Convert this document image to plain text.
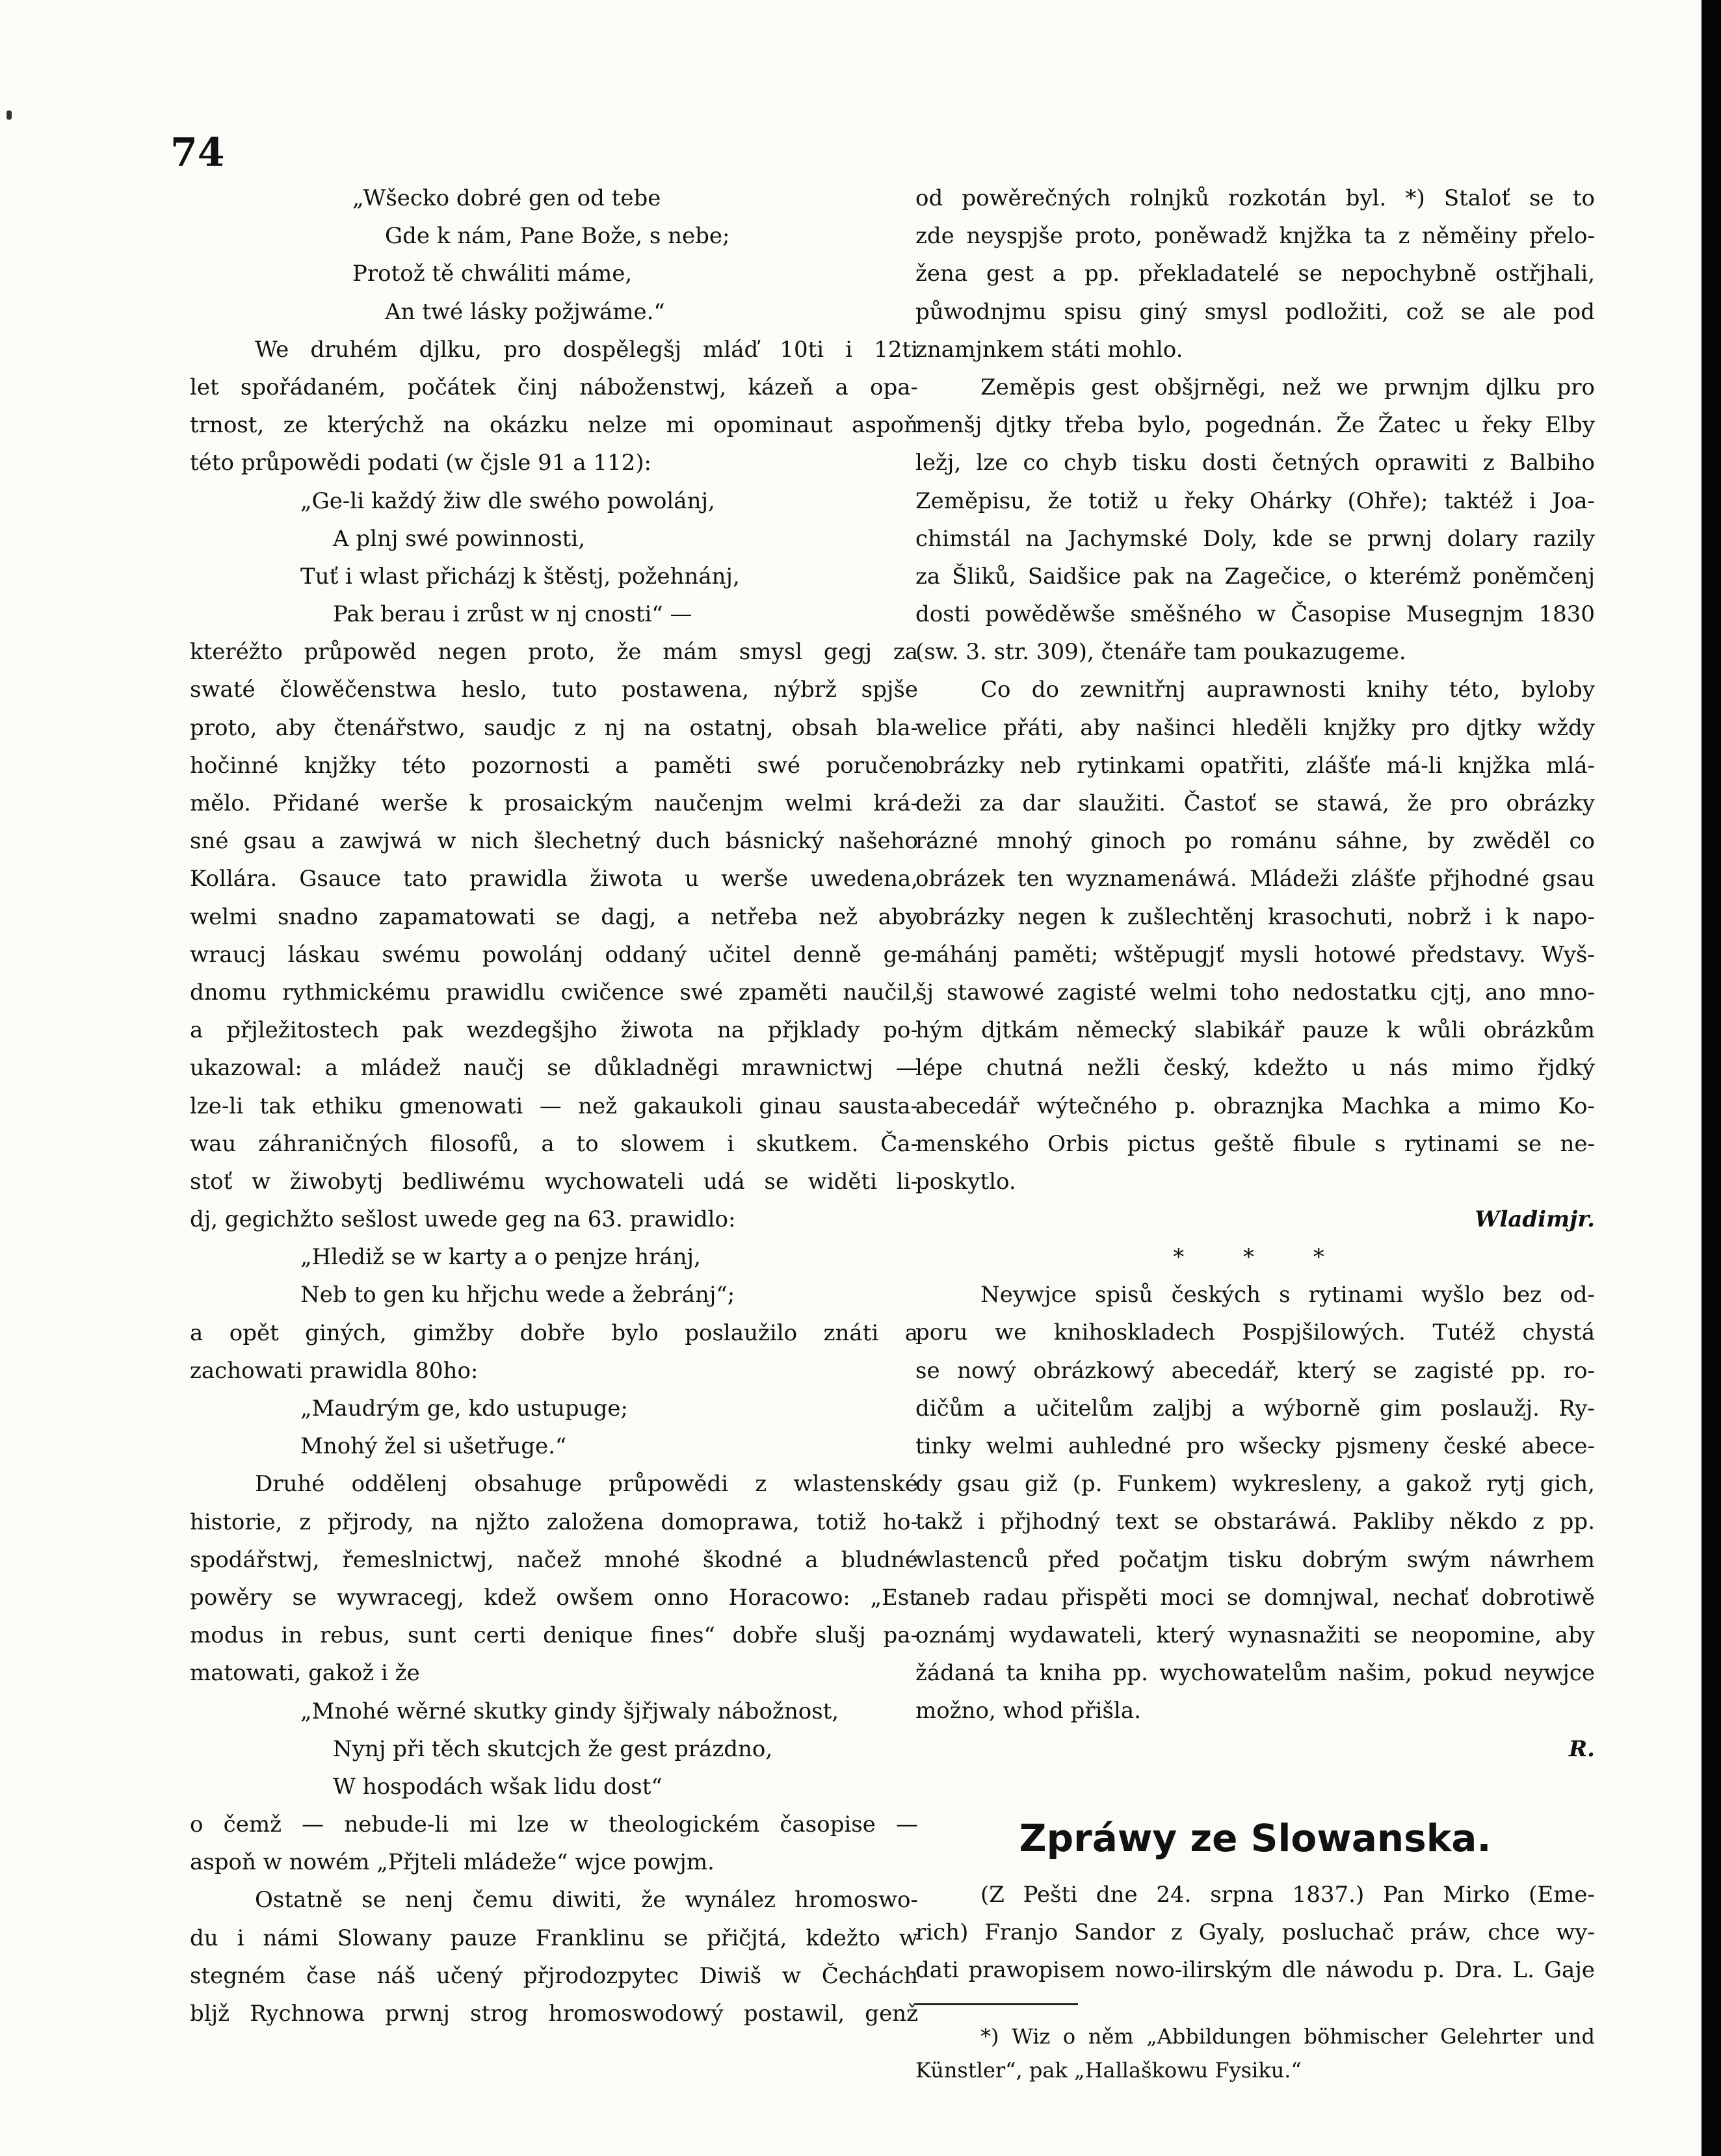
74
„Wšecko dobré gen od tebe
Gde k nám, Pane Bože, s nebe;
Protož tě chwáliti máme,
An twé lásky požjwáme.“
We druhém djlku, pro dospělegšj mláď 10ti i 12ti
let spořádaném, počátek činj náboženstwj, kázeň a opa-
trnost, ze kterýchž na okázku nelze mi opominaut aspoň
této průpowědi podati (w čjsle 91 a 112):
„Ge-li každý žiw dle swého powolánj,
A plnj swé powinnosti,
Tuť i wlast přicházj k štěstj, požehnánj,
Pak berau i zrůst w nj cnosti“ —
kteréžto průpowěd negen proto, že mám smysl gegj za
swaté člowěčenstwa heslo, tuto postawena, nýbrž spjše
proto, aby čtenářstwo, saudjc z nj na ostatnj, obsah bla-
hočinné knjžky této pozornosti a paměti swé poručen
mělo. Přidané werše k prosaickým naučenjm welmi krá-
sné gsau a zawjwá w nich šlechetný duch básnický našeho
Kollára. Gsauce tato prawidla žiwota u werše uwedena,
welmi snadno zapamatowati se dagj, a netřeba než aby
wraucj láskau swému powolánj oddaný učitel denně ge-
dnomu rythmickému prawidlu cwičence swé zpaměti naučil,
a přjležitostech pak wezdegšjho žiwota na přjklady po-
ukazowal: a mládež naučj se důkladněgi mrawnictwj —
lze-li tak ethiku gmenowati — než gakaukoli ginau sausta-
wau záhraničných filosofů, a to slowem i skutkem. Ča-
stoť w žiwobytj bedliwému wychowateli udá se widěti li-
dj, gegichžto sešlost uwede geg na 63. prawidlo:
„Hlediž se w karty a o penjze hránj,
Neb to gen ku hřjchu wede a žebránj“;
a opět giných, gimžby dobře bylo poslaužilo znáti a
zachowati prawidla 80ho:
„Maudrým ge, kdo ustupuge;
Mnohý žel si ušetřuge.“
Druhé oddělenj obsahuge průpowědi z wlastenské
historie, z přjrody, na njžto založena domoprawa, totiž ho-
spodářstwj, řemeslnictwj, načež mnohé škodné a bludné
powěry se wywracegj, kdež owšem onno Horacowo: „Est
modus in rebus, sunt certi denique fines“ dobře slušj pa-
matowati, gakož i že
„Mnohé wěrné skutky gindy šjřjwaly nábožnost,
Nynj při těch skutcjch že gest prázdno,
W hospodách wšak lidu dost“
o čemž — nebude-li mi lze w theologickém časopise —
aspoň w nowém „Přjteli mládeže“ wjce powjm.
Ostatně se nenj čemu diwiti, že wynález hromoswo-
du i námi Slowany pauze Franklinu se přičjtá, kdežto w
stegném čase náš učený přjrodozpytec Diwiš w Čechách
bljž Rychnowa prwnj strog hromoswodowý postawil, genž
od powěrečných rolnjků rozkotán byl. *) Staloť se to
zde neyspjše proto, poněwadž knjžka ta z něměiny přelo-
žena gest a pp. překladatelé se nepochybně ostřjhali,
půwodnjmu spisu giný smysl podložiti, což se ale pod
znamjnkem státi mohlo.
Zeměpis gest obšjrněgi, než we prwnjm djlku pro
menšj djtky třeba bylo, pogednán. Že Žatec u řeky Elby
ležj, lze co chyb tisku dosti četných oprawiti z Balbiho
Zeměpisu, že totiž u řeky Ohárky (Ohře); taktéž i Joa-
chimstál na Jachymské Doly, kde se prwnj dolary razily
za Šliků, Saidšice pak na Zagečice, o kterémž poněmčenj
dosti powěděwše směšného w Časopise Musegnjm 1830
(sw. 3. str. 309), čtenáře tam poukazugeme.
Co do zewnitřnj auprawnosti knihy této, byloby
welice přáti, aby našinci hleděli knjžky pro djtky wždy
obrázky neb rytinkami opatřiti, zlášťe má-li knjžka mlá-
deži za dar slaužiti. Častoť se stawá, že pro obrázky
rázné mnohý ginoch po románu sáhne, by zwěděl co
obrázek ten wyznamenáwá. Mládeži zlášťe přjhodné gsau
obrázky negen k zušlechtěnj krasochuti, nobrž i k napo-
máhánj paměti; wštěpugjť mysli hotowé představy. Wyš-
šj stawowé zagisté welmi toho nedostatku cjtj, ano mno-
hým djtkám německý slabikář pauze k wůli obrázkům
lépe chutná nežli český, kdežto u nás mimo řjdký
abecedář wýtečného p. obraznjka Machka a mimo Ko-
menského Orbis pictus geště fibule s rytinami se ne-
poskytlo.
Wladimjr.
* * *
Neywjce spisů českých s rytinami wyšlo bez od-
poru we knihoskladech Pospjšilowých. Tutéž chystá
se nowý obrázkowý abecedář, který se zagisté pp. ro-
dičům a učitelům zaljbj a wýborně gim poslaužj. Ry-
tinky welmi auhledné pro wšecky pjsmeny české abece-
dy gsau giž (p. Funkem) wykresleny, a gakož rytj gich,
takž i přjhodný text se obstaráwá. Pakliby někdo z pp.
wlastenců před počatjm tisku dobrým swým náwrhem
aneb radau přispěti moci se domnjwal, nechať dobrotiwě
oznámj wydawateli, který wynasnažiti se neopomine, aby
žádaná ta kniha pp. wychowatelům našim, pokud neywjce
možno, whod přišla.
R.
Zpráwy ze Slowanska.
(Z Pešti dne 24. srpna 1837.) Pan Mirko (Eme-
rich) Franjo Sandor z Gyaly, posluchač práw, chce wy-
dati prawopisem nowo-ilirským dle náwodu p. Dra. L. Gaje
*) Wiz o něm „Abbildungen böhmischer Gelehrter und
Künstler“, pak „Hallaškowu Fysiku.“
